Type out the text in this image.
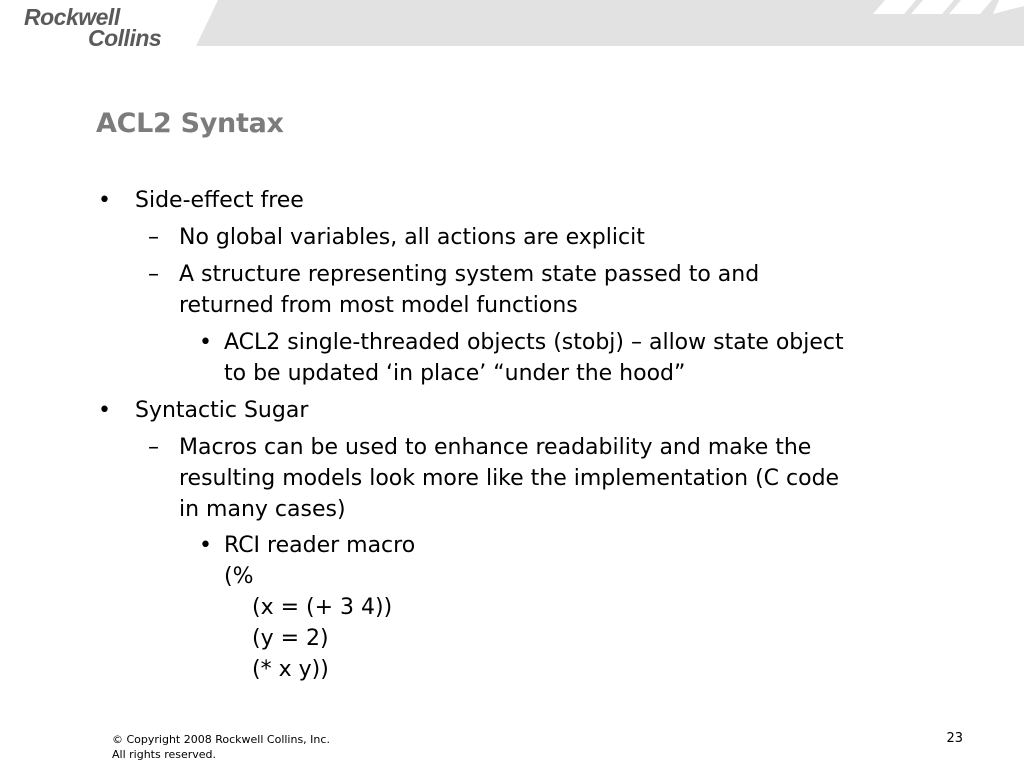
Rockwell
Collins
ACL2 Syntax
• Side-effect free
– No global variables, all actions are explicit
– A structure representing system state passed to and
returned from most model functions
• ACL2 single-threaded objects (stobj) – allow state object
to be updated ‘in place’ “under the hood”
• Syntactic Sugar
– Macros can be used to enhance readability and make the
resulting models look more like the implementation (C code
in many cases)
• RCI reader macro
(%
(x = (+ 3 4))
(y = 2)
(* x y))
© Copyright 2008 Rockwell Collins, Inc.
All rights reserved.
23
